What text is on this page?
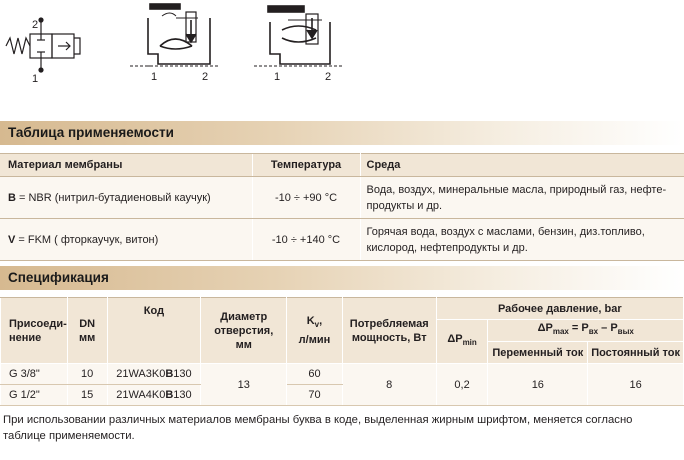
2
1	1	2	1	2
Таблица применяемости
Материал мембраны	Температура	Среда
B = NBR (нитрил-бутадиеновый каучук)	-10 ÷ +90 °C	Вода, воздух, минеральные масла, природный газ, нефте-
продукты и др.
V = FKM ( фторкаучук, витон)	-10 ÷ +140 °C	Горячая вода, воздух с маслами, бензин, диз.топливо,
кислород, нефтепродукты и др.
Спецификация
Присоеди-
нение	DN
мм	Код	Диаметр
отверстия,
мм	$K_v$,
л/мин	Потребляемая
мощность, Вт	Рабочее давление, bar		
						$\Delta P_{min}$	$\Delta P_{max} = P_{вх} - P_{вых}$
							Переменный ток	Постоянный ток
G 3/8"	10	21WA3K0B130	13	60	8	0,2	16	16
G 1/2"	15	21WA4K0B130		70				
При использовании различных материалов мембраны буква в коде, выделенная жирным шрифтом, меняется согласно таблице применяемости.
